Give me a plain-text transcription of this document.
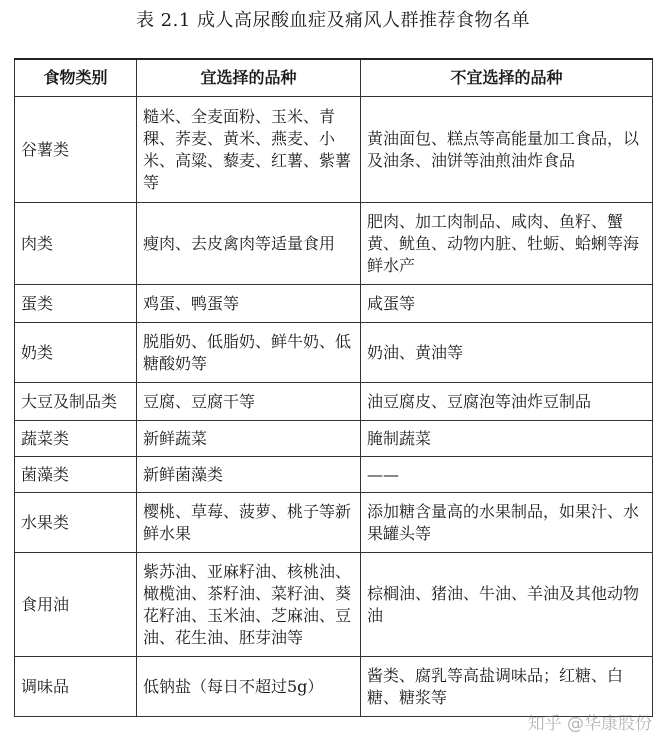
表 2.1 成人高尿酸血症及痛风人群推荐食物名单
食物类别	宜选择的品种	不宜选择的品种
谷薯类	糙米、全麦面粉、玉米、青稞、荞麦、黄米、燕麦、小米、高粱、藜麦、红薯、紫薯等	黄油面包、糕点等高能量加工食品，以及油条、油饼等油煎油炸食品
肉类	瘦肉、去皮禽肉等适量食用	肥肉、加工肉制品、咸肉、鱼籽、蟹黄、鱿鱼、动物内脏、牡蛎、蛤蜊等海鲜水产
蛋类	鸡蛋、鸭蛋等	咸蛋等
奶类	脱脂奶、低脂奶、鲜牛奶、低糖酸奶等	奶油、黄油等
大豆及制品类	豆腐、豆腐干等	油豆腐皮、豆腐泡等油炸豆制品
蔬菜类	新鲜蔬菜	腌制蔬菜
菌藻类	新鲜菌藻类	——
水果类	樱桃、草莓、菠萝、桃子等新鲜水果	添加糖含量高的水果制品，如果汁、水果罐头等
食用油	紫苏油、亚麻籽油、核桃油、橄榄油、茶籽油、菜籽油、葵花籽油、玉米油、芝麻油、豆油、花生油、胚芽油等	棕榈油、猪油、牛油、羊油及其他动物油
调味品	低钠盐（每日不超过5g）	酱类、腐乳等高盐调味品；红糖、白糖、糖浆等
知乎 @华康股份
